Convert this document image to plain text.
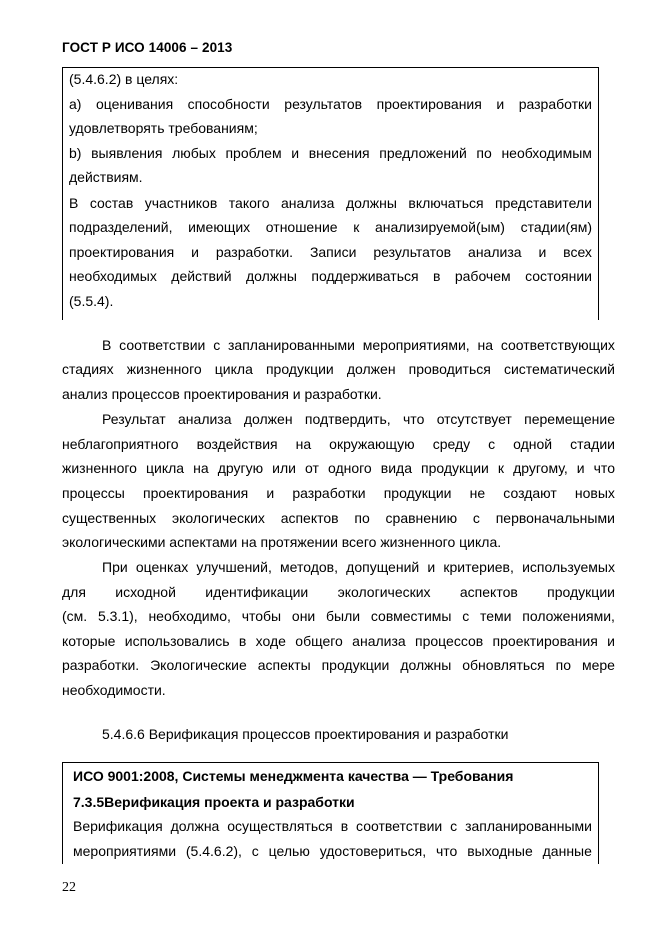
ГОСТ Р ИСО 14006 – 2013
(5.4.6.2) в целях:
a) оценивания способности результатов проектирования и разработки
удовлетворять требованиям;
b) выявления любых проблем и внесения предложений по необходимым
действиям.
В состав участников такого анализа должны включаться представители
подразделений, имеющих отношение к анализируемой(ым) стадии(ям)
проектирования и разработки. Записи результатов анализа и всех
необходимых действий должны поддерживаться в рабочем состоянии
(5.5.4).
В соответствии с запланированными мероприятиями, на соответствующих
стадиях жизненного цикла продукции должен проводиться систематический
анализ процессов проектирования и разработки.
Результат анализа должен подтвердить, что отсутствует перемещение
неблагоприятного воздействия на окружающую среду с одной стадии
жизненного цикла на другую или от одного вида продукции к другому, и что
процессы проектирования и разработки продукции не создают новых
существенных экологических аспектов по сравнению с первоначальными
экологическими аспектами на протяжении всего жизненного цикла.
При оценках улучшений, методов, допущений и критериев, используемых
для исходной идентификации экологических аспектов продукции
(см. 5.3.1), необходимо, чтобы они были совместимы с теми положениями,
которые использовались в ходе общего анализа процессов проектирования и
разработки. Экологические аспекты продукции должны обновляться по мере
необходимости.
5.4.6.6 Верификация процессов проектирования и разработки
ИСО 9001:2008, Системы менеджмента качества — Требования
7.3.5Верификация проекта и разработки
Верификация должна осуществляться в соответствии с запланированными
мероприятиями (5.4.6.2), с целью удостовериться, что выходные данные
22
